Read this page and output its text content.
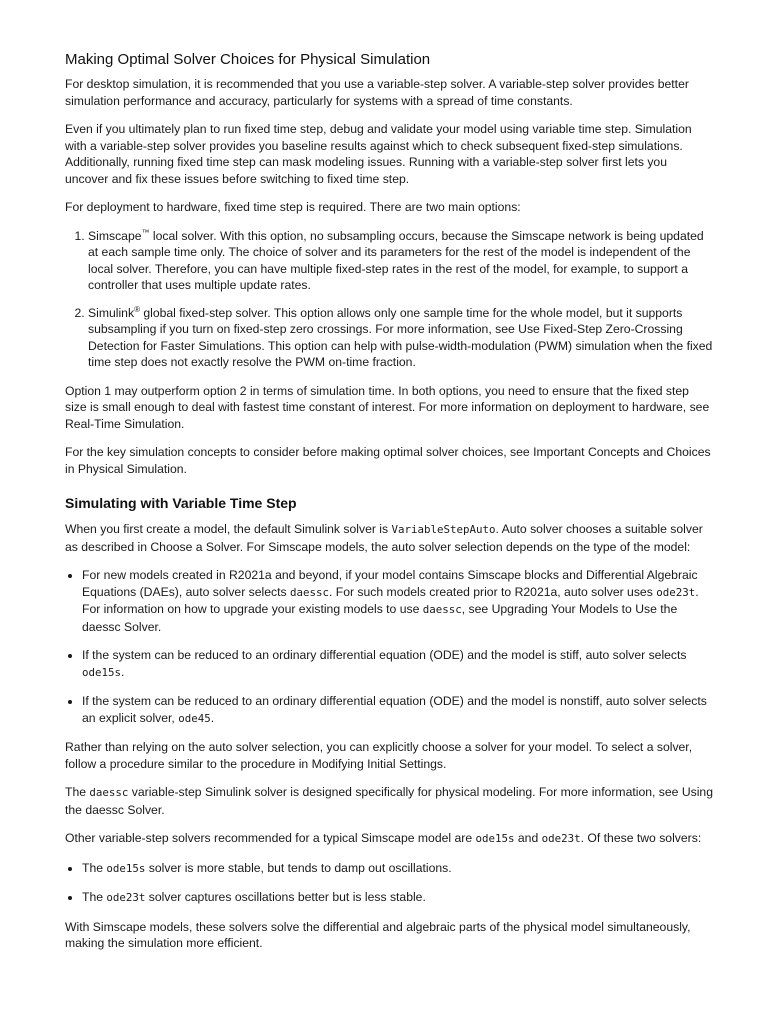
Making Optimal Solver Choices for Physical Simulation

For desktop simulation, it is recommended that you use a variable-step solver. A variable-step solver provides better simulation performance and accuracy, particularly for systems with a spread of time constants.

Even if you ultimately plan to run fixed time step, debug and validate your model using variable time step. Simulation with a variable-step solver provides you baseline results against which to check subsequent fixed-step simulations. Additionally, running fixed time step can mask modeling issues. Running with a variable-step solver first lets you uncover and fix these issues before switching to fixed time step.

For deployment to hardware, fixed time step is required. There are two main options:

1. Simscape™ local solver. With this option, no subsampling occurs, because the Simscape network is being updated at each sample time only. The choice of solver and its parameters for the rest of the model is independent of the local solver. Therefore, you can have multiple fixed-step rates in the rest of the model, for example, to support a controller that uses multiple update rates.
2. Simulink® global fixed-step solver. This option allows only one sample time for the whole model, but it supports subsampling if you turn on fixed-step zero crossings. For more information, see Use Fixed-Step Zero-Crossing Detection for Faster Simulations. This option can help with pulse-width-modulation (PWM) simulation when the fixed time step does not exactly resolve the PWM on-time fraction.

Option 1 may outperform option 2 in terms of simulation time. In both options, you need to ensure that the fixed step size is small enough to deal with fastest time constant of interest. For more information on deployment to hardware, see Real-Time Simulation.

For the key simulation concepts to consider before making optimal solver choices, see Important Concepts and Choices in Physical Simulation.

Simulating with Variable Time Step

When you first create a model, the default Simulink solver is VariableStepAuto. Auto solver chooses a suitable solver as described in Choose a Solver. For Simscape models, the auto solver selection depends on the type of the model:

• For new models created in R2021a and beyond, if your model contains Simscape blocks and Differential Algebraic Equations (DAEs), auto solver selects daessc. For such models created prior to R2021a, auto solver uses ode23t. For information on how to upgrade your existing models to use daessc, see Upgrading Your Models to Use the daessc Solver.
• If the system can be reduced to an ordinary differential equation (ODE) and the model is stiff, auto solver selects ode15s.
• If the system can be reduced to an ordinary differential equation (ODE) and the model is nonstiff, auto solver selects an explicit solver, ode45.

Rather than relying on the auto solver selection, you can explicitly choose a solver for your model. To select a solver, follow a procedure similar to the procedure in Modifying Initial Settings.

The daessc variable-step Simulink solver is designed specifically for physical modeling. For more information, see Using the daessc Solver.

Other variable-step solvers recommended for a typical Simscape model are ode15s and ode23t. Of these two solvers:

• The ode15s solver is more stable, but tends to damp out oscillations.
• The ode23t solver captures oscillations better but is less stable.

With Simscape models, these solvers solve the differential and algebraic parts of the physical model simultaneously, making the simulation more efficient.
